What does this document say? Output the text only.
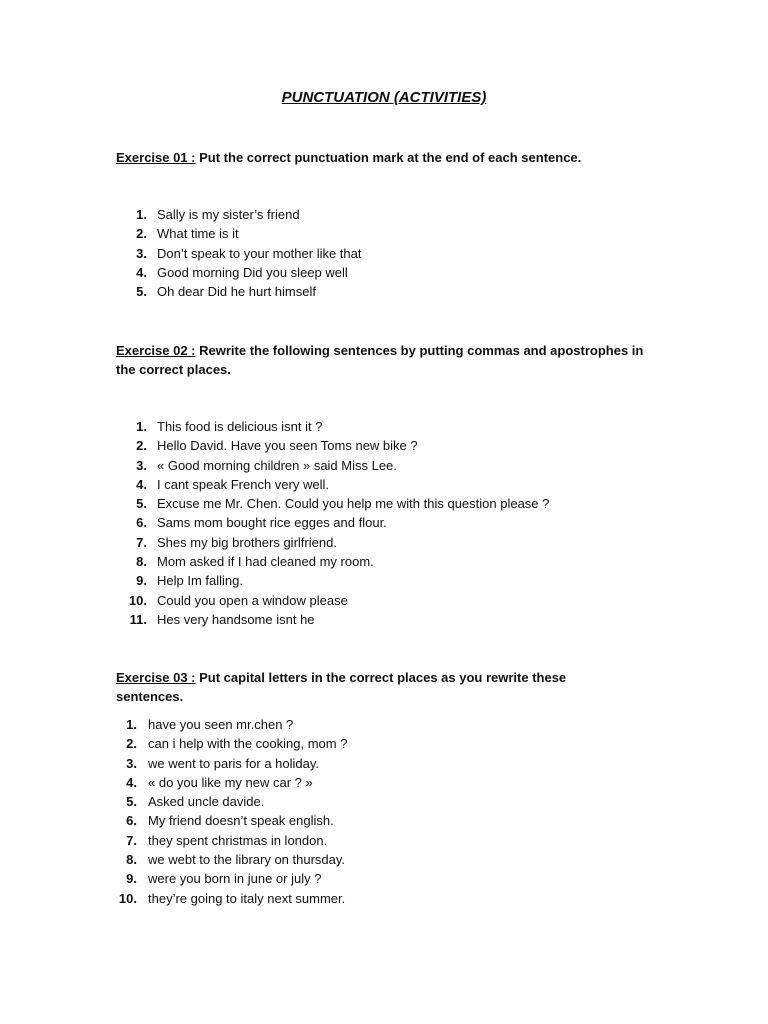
PUNCTUATION (ACTIVITIES)
Exercise 01 : Put the correct punctuation mark at the end of each sentence.
1. Sally is my sister’s friend
2. What time is it
3. Don’t speak to your mother like that
4. Good morning Did you sleep well
5. Oh dear Did he hurt himself
Exercise 02 : Rewrite the following sentences by putting commas and apostrophes in the correct places.
1. This food is delicious isnt it ?
2. Hello David. Have you seen Toms new bike ?
3. « Good morning children » said Miss Lee.
4. I cant speak French very well.
5. Excuse me Mr. Chen. Could you help me with this question please ?
6. Sams mom bought rice egges and flour.
7. Shes my big brothers girlfriend.
8. Mom asked if I had cleaned my room.
9. Help Im falling.
10. Could you open a window please
11. Hes very handsome isnt he
Exercise 03 : Put capital letters in the correct places as you rewrite these sentences.
1. have you seen mr.chen ?
2. can i help with the cooking, mom ?
3. we went to paris for a holiday.
4. « do you like my new car ? »
5. Asked uncle davide.
6. My friend doesn’t speak english.
7. they spent christmas in london.
8. we webt to the library on thursday.
9. were you born in june or july ?
10. they’re going to italy next summer.
